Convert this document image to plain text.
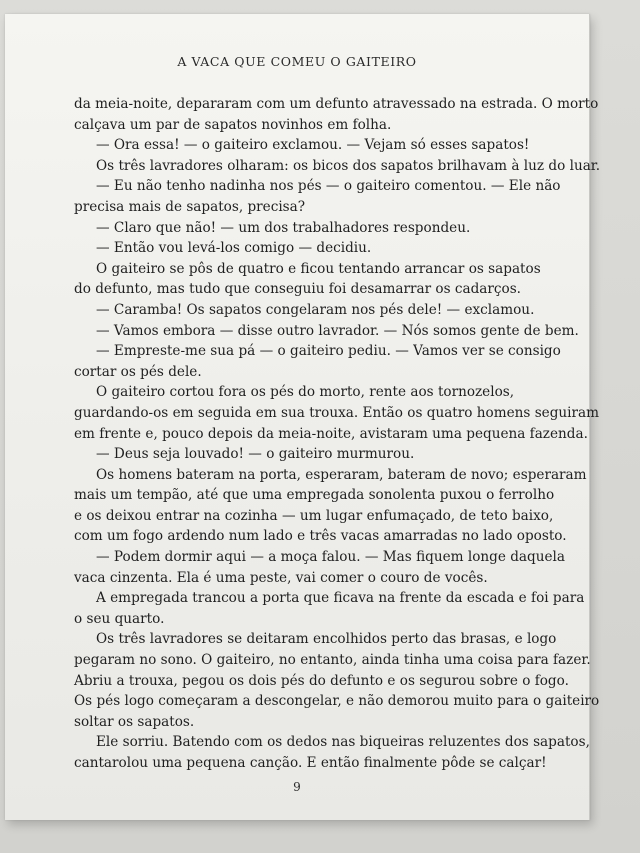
A VACA QUE COMEU O GAITEIRO

da meia-noite, depararam com um defunto atravessado na estrada. O morto
calçava um par de sapatos novinhos em folha.
— Ora essa! — o gaiteiro exclamou. — Vejam só esses sapatos!
Os três lavradores olharam: os bicos dos sapatos brilhavam à luz do luar.
— Eu não tenho nadinha nos pés — o gaiteiro comentou. — Ele não
precisa mais de sapatos, precisa?
— Claro que não! — um dos trabalhadores respondeu.
— Então vou levá-los comigo — decidiu.
O gaiteiro se pôs de quatro e ficou tentando arrancar os sapatos
do defunto, mas tudo que conseguiu foi desamarrar os cadarços.
— Caramba! Os sapatos congelaram nos pés dele! — exclamou.
— Vamos embora — disse outro lavrador. — Nós somos gente de bem.
— Empreste-me sua pá — o gaiteiro pediu. — Vamos ver se consigo
cortar os pés dele.
O gaiteiro cortou fora os pés do morto, rente aos tornozelos,
guardando-os em seguida em sua trouxa. Então os quatro homens seguiram
em frente e, pouco depois da meia-noite, avistaram uma pequena fazenda.
— Deus seja louvado! — o gaiteiro murmurou.
Os homens bateram na porta, esperaram, bateram de novo; esperaram
mais um tempão, até que uma empregada sonolenta puxou o ferrolho
e os deixou entrar na cozinha — um lugar enfumaçado, de teto baixo,
com um fogo ardendo num lado e três vacas amarradas no lado oposto.
— Podem dormir aqui — a moça falou. — Mas fiquem longe daquela
vaca cinzenta. Ela é uma peste, vai comer o couro de vocês.
A empregada trancou a porta que ficava na frente da escada e foi para
o seu quarto.
Os três lavradores se deitaram encolhidos perto das brasas, e logo
pegaram no sono. O gaiteiro, no entanto, ainda tinha uma coisa para fazer.
Abriu a trouxa, pegou os dois pés do defunto e os segurou sobre o fogo.
Os pés logo começaram a descongelar, e não demorou muito para o gaiteiro
soltar os sapatos.
Ele sorriu. Batendo com os dedos nas biqueiras reluzentes dos sapatos,
cantarolou uma pequena canção. E então finalmente pôde se calçar!

9
